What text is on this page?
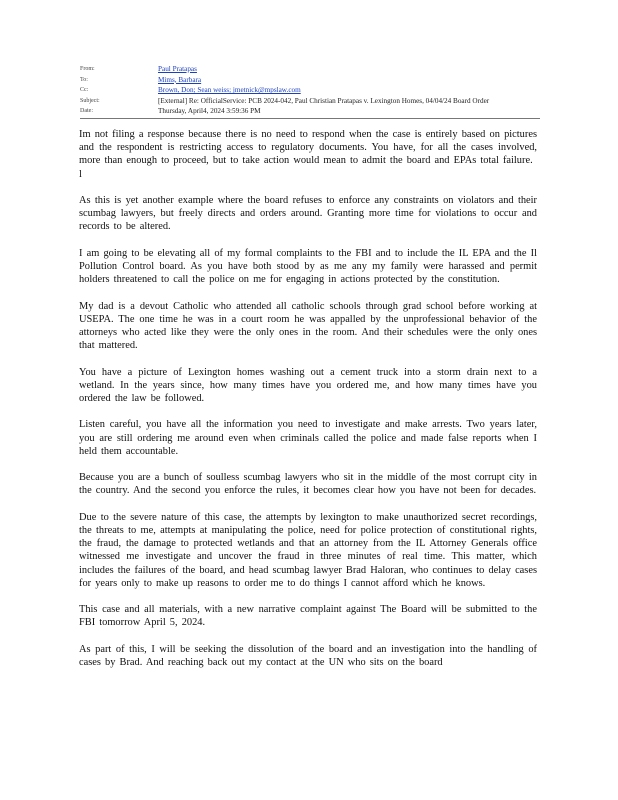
From:	Paul Pratapas
To:	Mims, Barbara
Cc:	Brown, Don; Sean weiss; jmetnick@mpslaw.com
Subject:	[External] Re: OfficialService: PCB 2024-042, Paul Christian Pratapas v. Lexington Homes, 04/04/24 Board Order
Date:	Thursday, April4, 2024 3:59:36 PM

Im not filing a response because there is no need to respond when the case is entirely based on pictures and the respondent is restricting access to regulatory documents. You have, for all the cases involved, more than enough to proceed, but to take action would mean to admit the board and EPAs total failure.
l

As this is yet another example where the board refuses to enforce any constraints on violators and their scumbag lawyers, but freely directs and orders around. Granting more time for violations to occur and records to be altered.

I am going to be elevating all of my formal complaints to the FBI and to include the IL EPA and the Il Pollution Control board. As you have both stood by as me any my family were harassed and permit holders threatened to call the police on me for engaging in actions protected by the constitution.

My dad is a devout Catholic who attended all catholic schools through grad school before working at USEPA. The one time he was in a court room he was appalled by the unprofessional behavior of the attorneys who acted like they were the only ones in the room. And their schedules were the only ones that mattered.

You have a picture of Lexington homes washing out a cement truck into a storm drain next to a wetland. In the years since, how many times have you ordered me, and how many times have you ordered the law be followed.

Listen careful, you have all the information you need to investigate and make arrests. Two years later, you are still ordering me around even when criminals called the police and made false reports when I held them accountable.

Because you are a bunch of soulless scumbag lawyers who sit in the middle of the most corrupt city in the country. And the second you enforce the rules, it becomes clear how you have not been for decades.

Due to the severe nature of this case, the attempts by lexington to make unauthorized secret recordings, the threats to me, attempts at manipulating the police, need for police protection of constitutional rights, the fraud, the damage to protected wetlands and that an attorney from the IL Attorney Generals office witnessed me investigate and uncover the fraud in three minutes of real time. This matter, which includes the failures of the board, and head scumbag lawyer Brad Haloran, who continues to delay cases for years only to make up reasons to order me to do things I cannot afford which he knows.

This case and all materials, with a new narrative complaint against The Board will be submitted to the FBI tomorrow April 5, 2024.

As part of this, I will be seeking the dissolution of the board and an investigation into the handling of cases by Brad. And reaching back out my contact at the UN who sits on the board
